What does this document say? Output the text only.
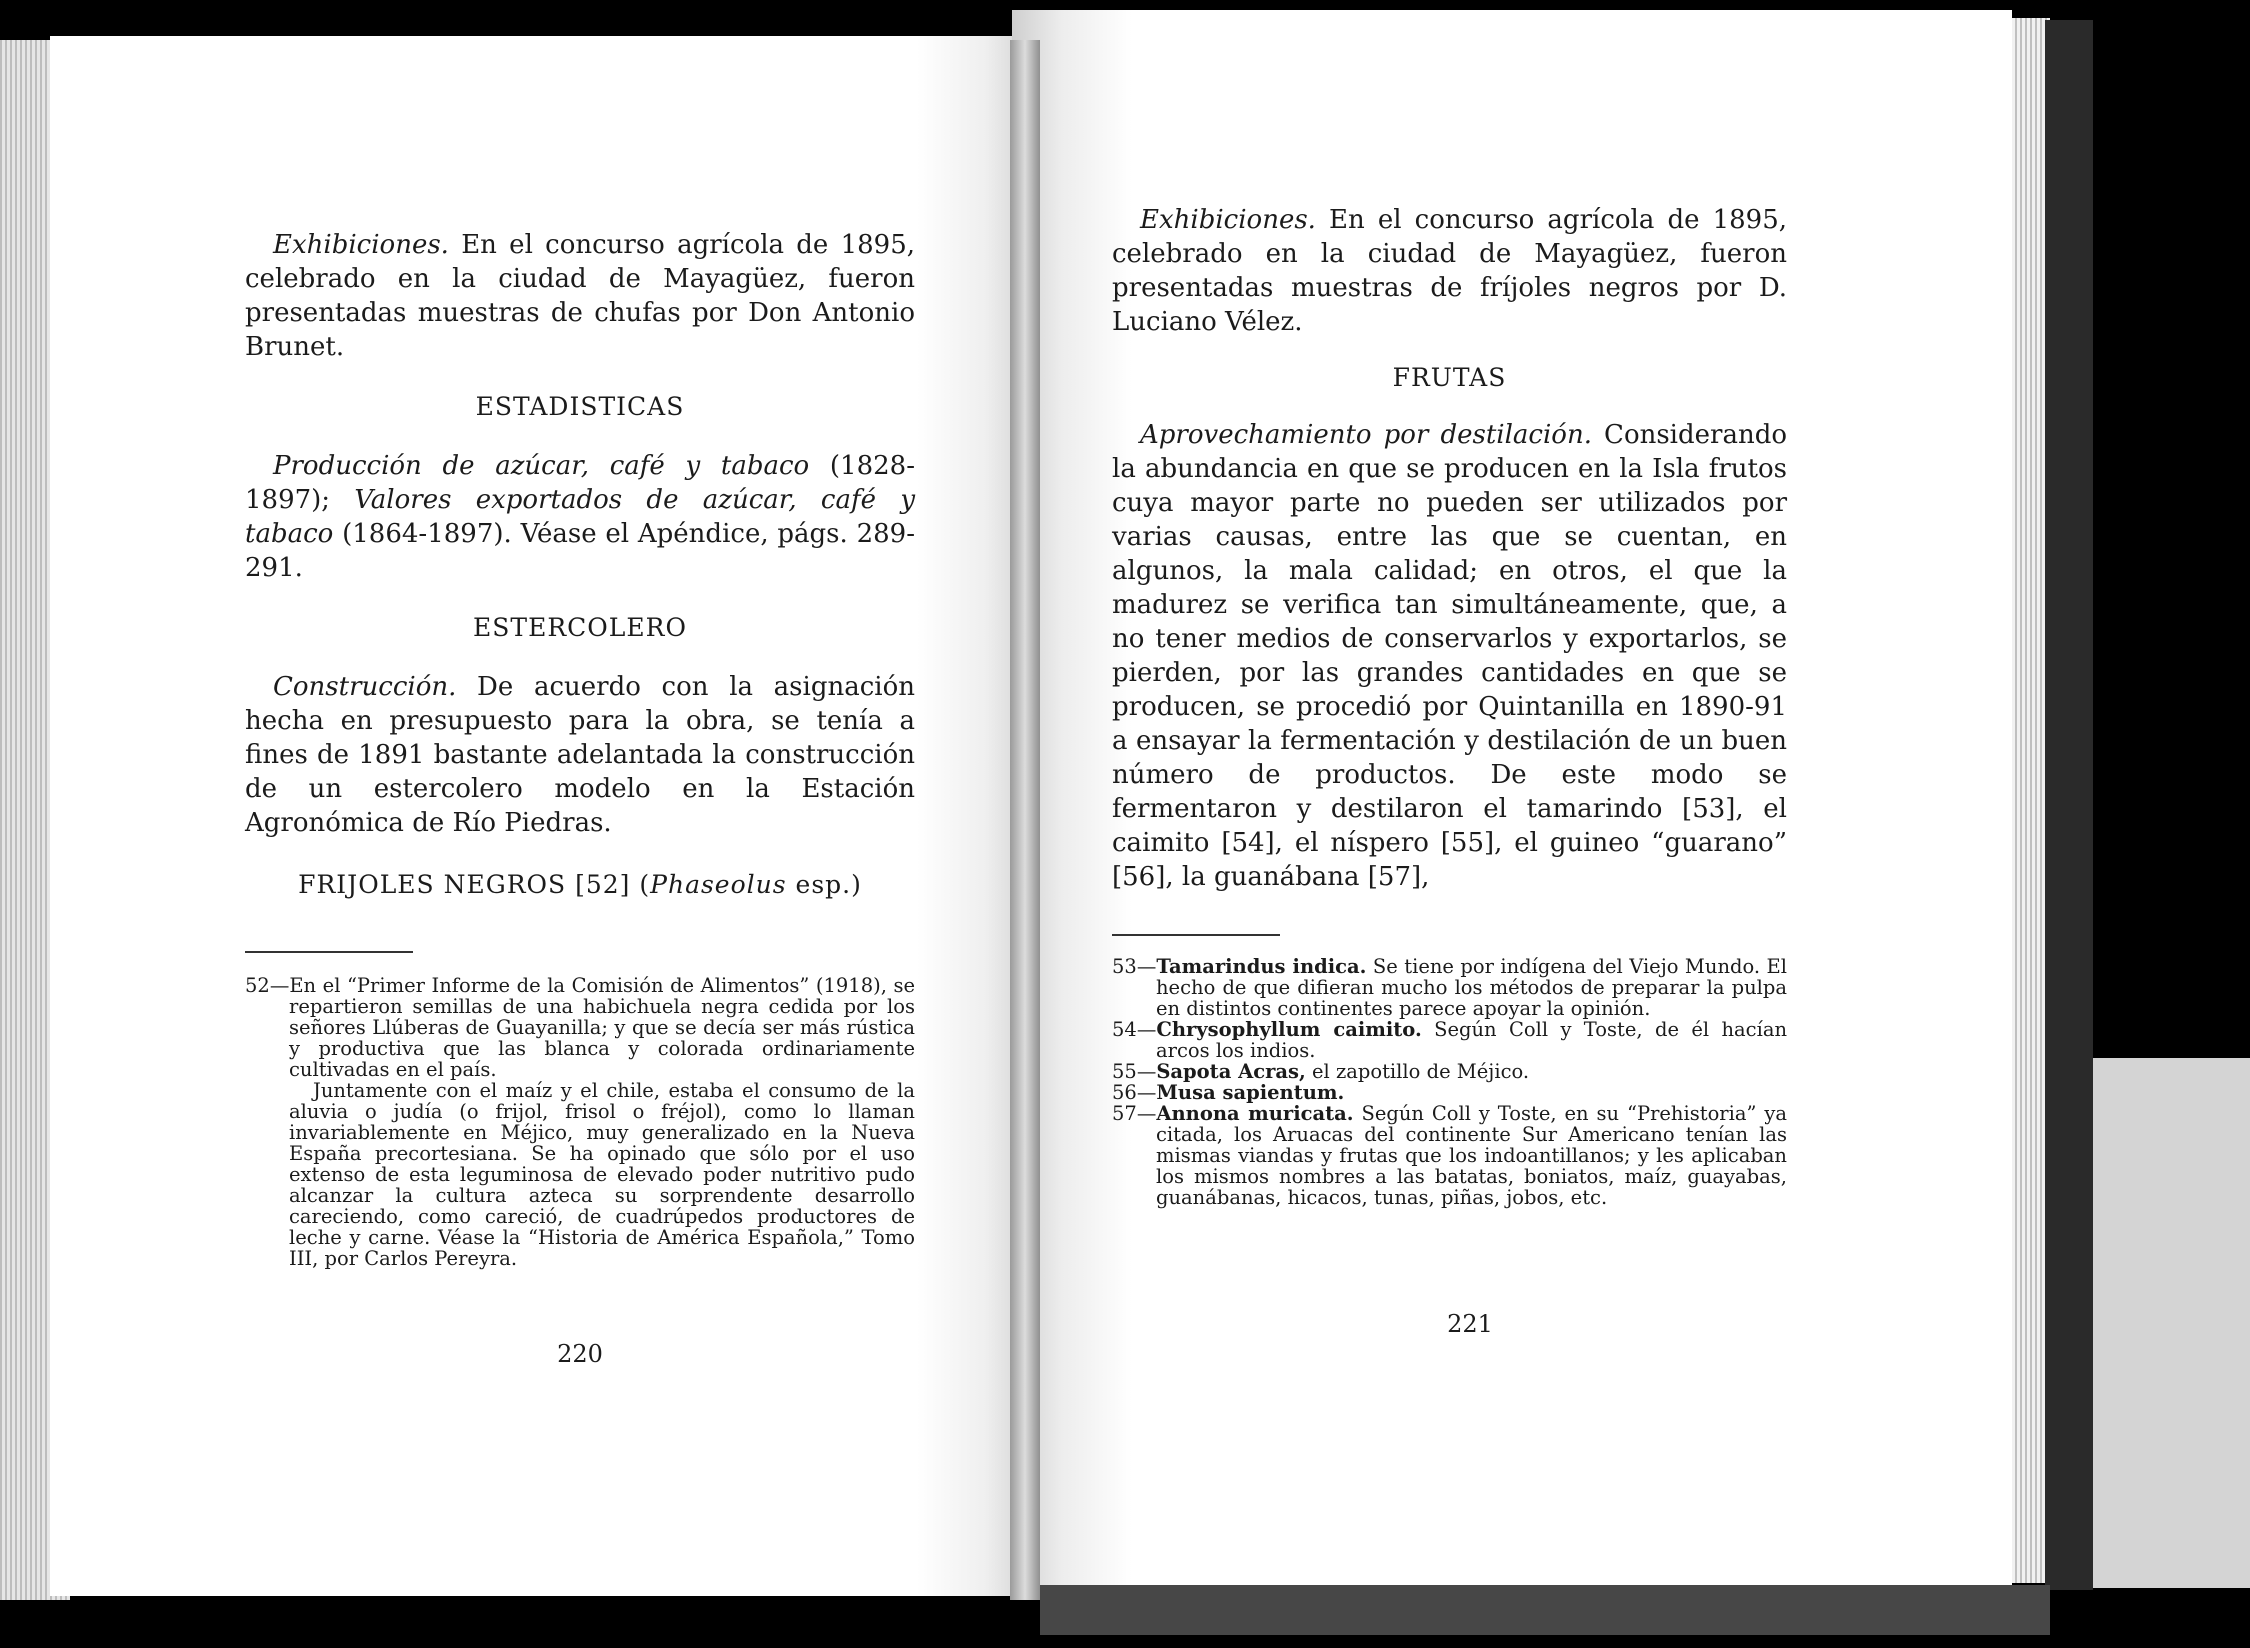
Exhibiciones. En el concurso agrícola de 1895, celebrado en la ciudad de Mayagüez, fueron presentadas muestras de chufas por Don Antonio Brunet.

ESTADISTICAS

Producción de azúcar, café y tabaco (1828-1897); Valores exportados de azúcar, café y tabaco (1864-1897). Véase el Apéndice, págs. 289-291.

ESTERCOLERO

Construcción. De acuerdo con la asignación hecha en presupuesto para la obra, se tenía a fines de 1891 bastante adelantada la construcción de un estercolero modelo en la Estación Agronómica de Río Piedras.

FRIJOLES NEGROS [52] (Phaseolus esp.)

52—En el “Primer Informe de la Comisión de Alimentos” (1918), se repartieron semillas de una habichuela negra cedida por los señores Llúberas de Guayanilla; y que se decía ser más rústica y productiva que las blanca y colorada ordinariamente cultivadas en el país.

Juntamente con el maíz y el chile, estaba el consumo de la aluvia o judía (o frijol, frisol o fréjol), como lo llaman invariablemente en Méjico, muy generalizado en la Nueva España precortesiana. Se ha opinado que sólo por el uso extenso de esta leguminosa de elevado poder nutritivo pudo alcanzar la cultura azteca su sorprendente desarrollo careciendo, como careció, de cuadrúpedos productores de leche y carne. Véase la “Historia de América Española,” Tomo III, por Carlos Pereyra.

220

Exhibiciones. En el concurso agrícola de 1895, celebrado en la ciudad de Mayagüez, fueron presentadas muestras de fríjoles negros por D. Luciano Vélez.

FRUTAS

Aprovechamiento por destilación. Considerando la abundancia en que se producen en la Isla frutos cuya mayor parte no pueden ser utilizados por varias causas, entre las que se cuentan, en algunos, la mala calidad; en otros, el que la madurez se verifica tan simultáneamente, que, a no tener medios de conservarlos y exportarlos, se pierden, por las grandes cantidades en que se producen, se procedió por Quintanilla en 1890-91 a ensayar la fermentación y destilación de un buen número de productos. De este modo se fermentaron y destilaron el tamarindo [53], el caimito [54], el níspero [55], el guineo “guarano” [56], la guanábana [57],

53—Tamarindus indica. Se tiene por indígena del Viejo Mundo. El hecho de que difieran mucho los métodos de preparar la pulpa en distintos continentes parece apoyar la opinión.

54—Chrysophyllum caimito. Según Coll y Toste, de él hacían arcos los indios.

55—Sapota Acras, el zapotillo de Méjico.

56—Musa sapientum.

57—Annona muricata. Según Coll y Toste, en su “Prehistoria” ya citada, los Aruacas del continente Sur Americano tenían las mismas viandas y frutas que los indoantillanos; y les aplicaban los mismos nombres a las batatas, boniatos, maíz, guayabas, guanábanas, hicacos, tunas, piñas, jobos, etc.

221
